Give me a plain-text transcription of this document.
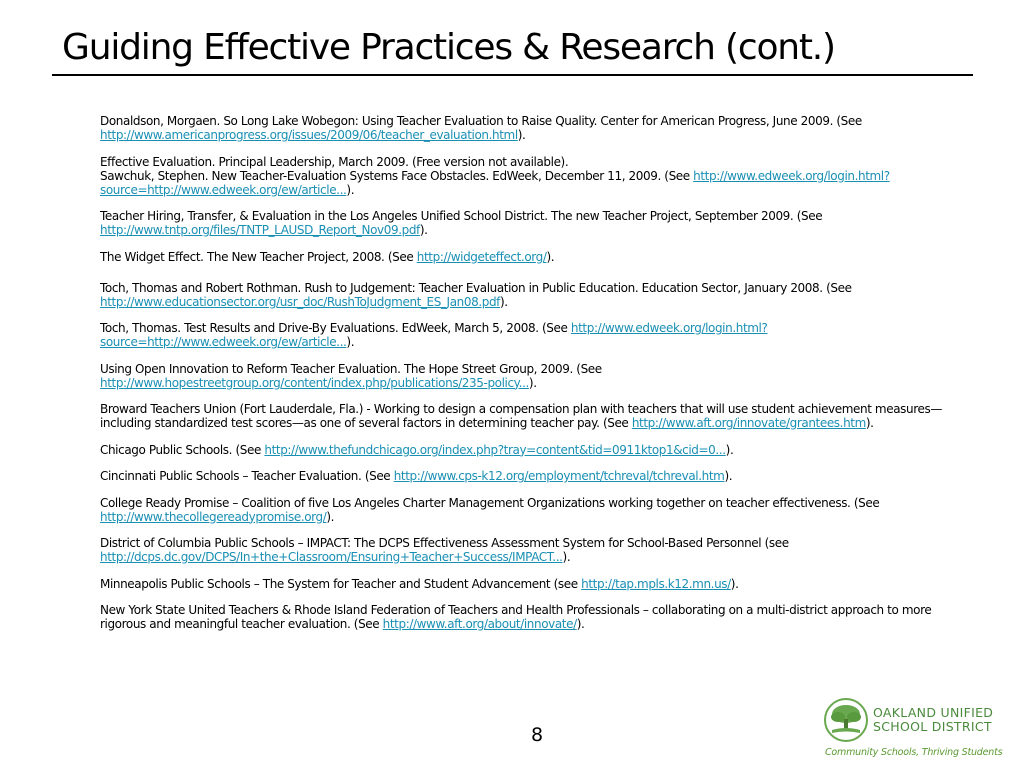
Guiding Effective Practices & Research (cont.)

Donaldson, Morgaen. So Long Lake Wobegon: Using Teacher Evaluation to Raise Quality. Center for American Progress, June 2009. (See http://www.americanprogress.org/issues/2009/06/teacher_evaluation.html).

Effective Evaluation. Principal Leadership, March 2009. (Free version not available).
Sawchuk, Stephen. New Teacher-Evaluation Systems Face Obstacles. EdWeek, December 11, 2009. (See http://www.edweek.org/login.html?source=http://www.edweek.org/ew/article...).

Teacher Hiring, Transfer, & Evaluation in the Los Angeles Unified School District. The new Teacher Project, September 2009. (See http://www.tntp.org/files/TNTP_LAUSD_Report_Nov09.pdf).

The Widget Effect. The New Teacher Project, 2008. (See http://widgeteffect.org/).

Toch, Thomas and Robert Rothman. Rush to Judgement: Teacher Evaluation in Public Education. Education Sector, January 2008. (See http://www.educationsector.org/usr_doc/RushToJudgment_ES_Jan08.pdf).

Toch, Thomas. Test Results and Drive-By Evaluations. EdWeek, March 5, 2008. (See http://www.edweek.org/login.html?source=http://www.edweek.org/ew/article...).

Using Open Innovation to Reform Teacher Evaluation. The Hope Street Group, 2009. (See http://www.hopestreetgroup.org/content/index.php/publications/235-policy...).

Broward Teachers Union (Fort Lauderdale, Fla.) - Working to design a compensation plan with teachers that will use student achievement measures—including standardized test scores—as one of several factors in determining teacher pay. (See http://www.aft.org/innovate/grantees.htm).

Chicago Public Schools. (See http://www.thefundchicago.org/index.php?tray=content&tid=0911ktop1&cid=0...).

Cincinnati Public Schools – Teacher Evaluation. (See http://www.cps-k12.org/employment/tchreval/tchreval.htm).

College Ready Promise – Coalition of five Los Angeles Charter Management Organizations working together on teacher effectiveness. (See http://www.thecollegereadypromise.org/).

District of Columbia Public Schools – IMPACT: The DCPS Effectiveness Assessment System for School-Based Personnel (see http://dcps.dc.gov/DCPS/In+the+Classroom/Ensuring+Teacher+Success/IMPACT...).

Minneapolis Public Schools – The System for Teacher and Student Advancement (see http://tap.mpls.k12.mn.us/).

New York State United Teachers & Rhode Island Federation of Teachers and Health Professionals – collaborating on a multi-district approach to more rigorous and meaningful teacher evaluation. (See http://www.aft.org/about/innovate/).

8
OAKLAND UNIFIED
SCHOOL DISTRICT
Community Schools, Thriving Students
